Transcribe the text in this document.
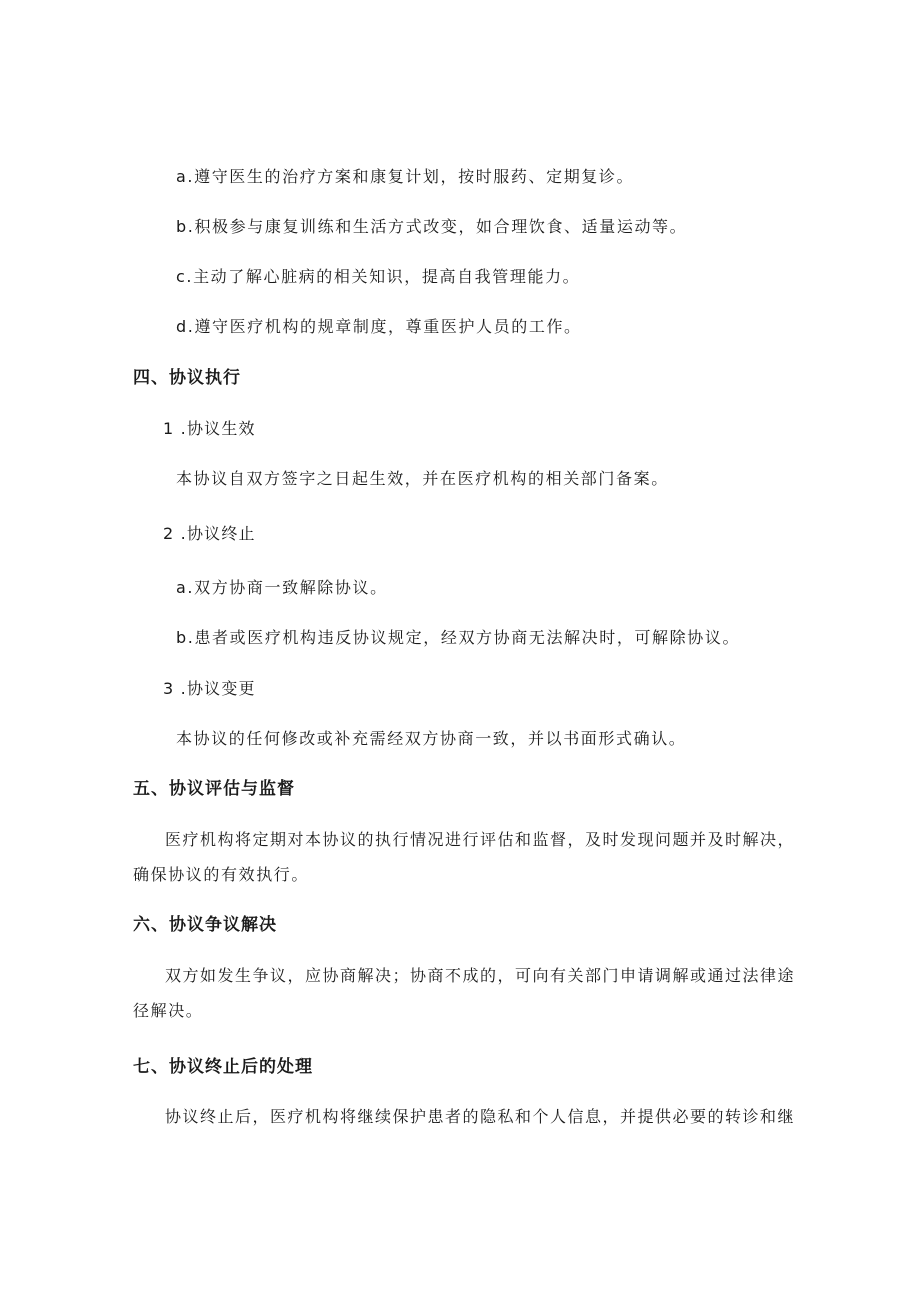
a.遵守医生的治疗方案和康复计划，按时服药、定期复诊。
b.积极参与康复训练和生活方式改变，如合理饮食、适量运动等。
c.主动了解心脏病的相关知识，提高自我管理能力。
d.遵守医疗机构的规章制度，尊重医护人员的工作。
四、协议执行
1 .协议生效
本协议自双方签字之日起生效，并在医疗机构的相关部门备案。
2 .协议终止
a.双方协商一致解除协议。
b.患者或医疗机构违反协议规定，经双方协商无法解决时，可解除协议。
3 .协议变更
本协议的任何修改或补充需经双方协商一致，并以书面形式确认。
五、协议评估与监督
医疗机构将定期对本协议的执行情况进行评估和监督，及时发现问题并及时解决，
确保协议的有效执行。
六、协议争议解决
双方如发生争议，应协商解决；协商不成的，可向有关部门申请调解或通过法律途
径解决。
七、协议终止后的处理
协议终止后，医疗机构将继续保护患者的隐私和个人信息，并提供必要的转诊和继
